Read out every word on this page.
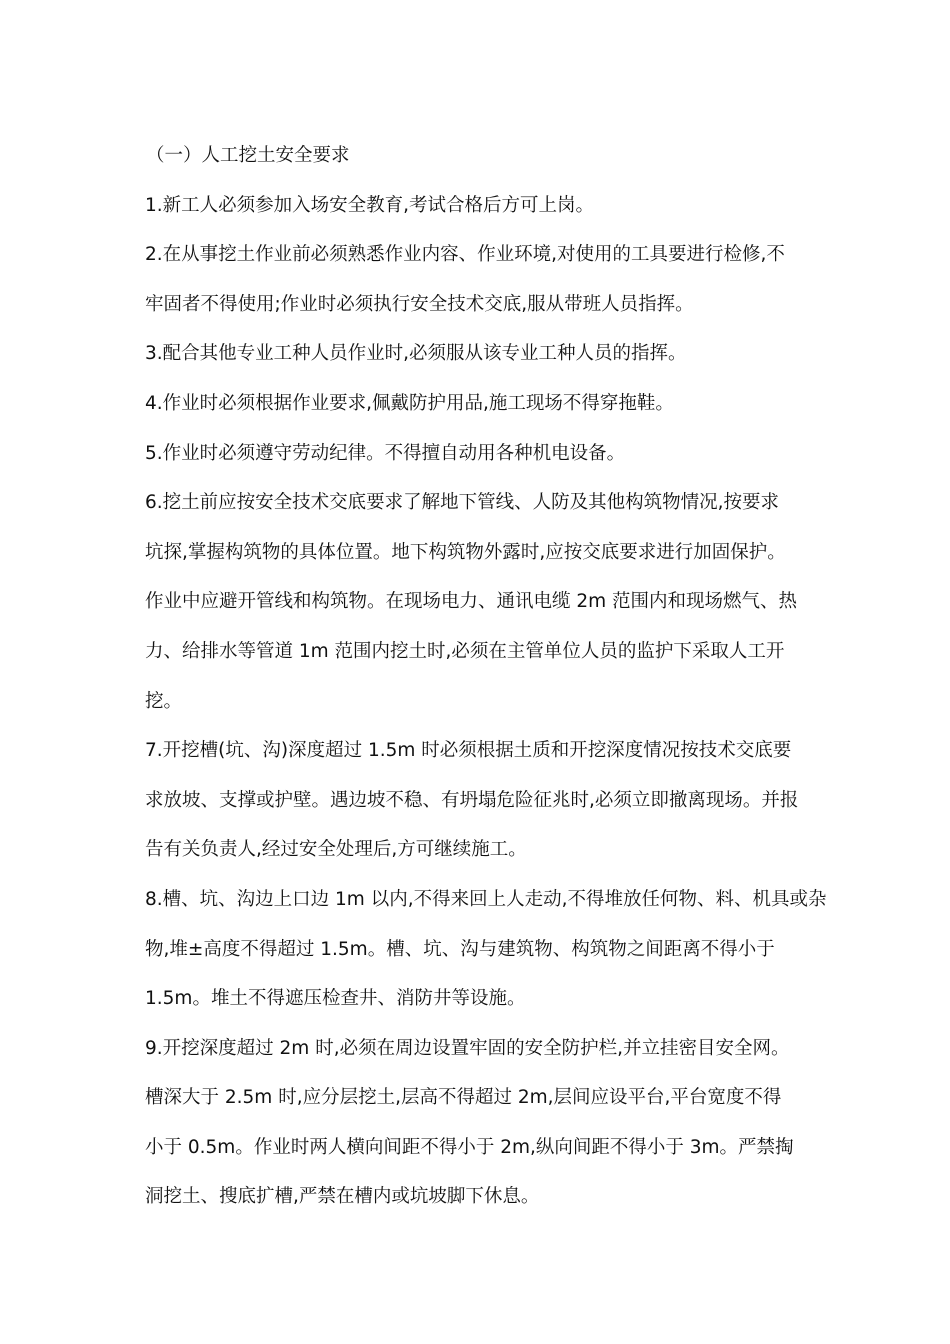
（一）人工挖土安全要求

1.新工人必须参加入场安全教育,考试合格后方可上岗。
2.在从事挖土作业前必须熟悉作业内容、作业环境,对使用的工具要进行检修,不
牢固者不得使用;作业时必须执行安全技术交底,服从带班人员指挥。
3.配合其他专业工种人员作业时,必须服从该专业工种人员的指挥。
4.作业时必须根据作业要求,佩戴防护用品,施工现场不得穿拖鞋。
5.作业时必须遵守劳动纪律。不得擅自动用各种机电设备。
6.挖土前应按安全技术交底要求了解地下管线、人防及其他构筑物情况,按要求
坑探,掌握构筑物的具体位置。地下构筑物外露时,应按交底要求进行加固保护。
作业中应避开管线和构筑物。在现场电力、通讯电缆 2m 范围内和现场燃气、热
力、给排水等管道 1m 范围内挖土时,必须在主管单位人员的监护下采取人工开
挖。
7.开挖槽(坑、沟)深度超过 1.5m 时必须根据土质和开挖深度情况按技术交底要
求放坡、支撑或护壁。遇边坡不稳、有坍塌危险征兆时,必须立即撤离现场。并报
告有关负责人,经过安全处理后,方可继续施工。
8.槽、坑、沟边上口边 1m 以内,不得来回上人走动,不得堆放任何物、料、机具或杂
物,堆±高度不得超过 1.5m。槽、坑、沟与建筑物、构筑物之间距离不得小于
1.5m。堆土不得遮压检查井、消防井等设施。
9.开挖深度超过 2m 时,必须在周边设置牢固的安全防护栏,并立挂密目安全网。
槽深大于 2.5m 时,应分层挖土,层高不得超过 2m,层间应设平台,平台宽度不得
小于 0.5m。作业时两人横向间距不得小于 2m,纵向间距不得小于 3m。严禁掏
洞挖土、搜底扩槽,严禁在槽内或坑坡脚下休息。
